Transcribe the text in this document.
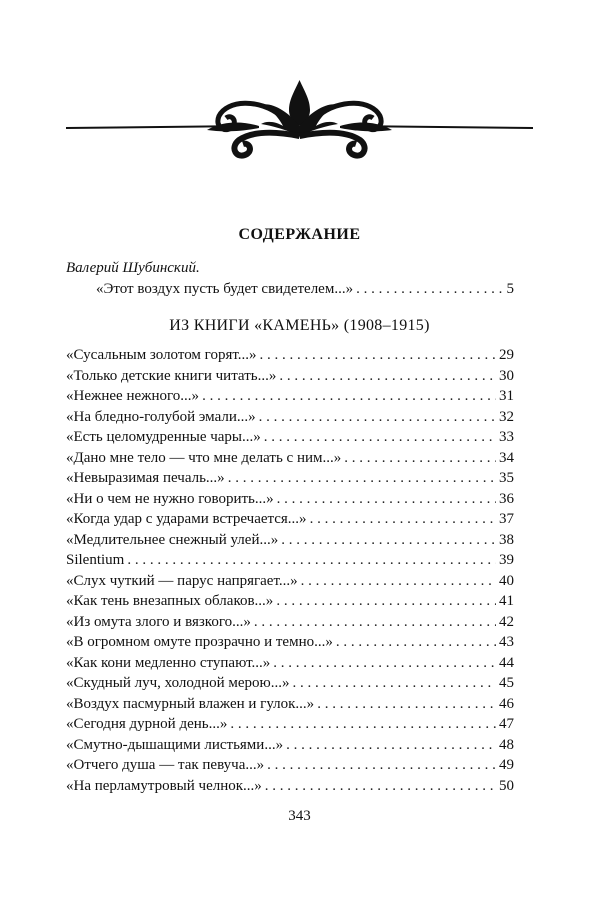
СОДЕРЖАНИЕ
Валерий Шубинский.
«Этот воздух пусть будет свидетелем...» . . .	5
ИЗ КНИГИ «КАМЕНЬ» (1908–1915)
«Сусальным золотом горят...» . . .	29
«Только детские книги читать...» . . .	30
«Нежнее нежного...» . . .	31
«На бледно-голубой эмали...» . . .	32
«Есть целомудренные чары...» . . .	33
«Дано мне тело — что мне делать с ним...» . . .	34
«Невыразимая печаль...» . . .	35
«Ни о чем не нужно говорить...» . . .	36
«Когда удар с ударами встречается...» . . .	37
«Медлительнее снежный улей...» . . .	38
Silentium . . .	39
«Слух чуткий — парус напрягает...» . . .	40
«Как тень внезапных облаков...» . . .	41
«Из омута злого и вязкого...» . . .	42
«В огромном омуте прозрачно и темно...» . . .	43
«Как кони медленно ступают...» . . .	44
«Скудный луч, холодной мерою...» . . .	45
«Воздух пасмурный влажен и гулок...» . . .	46
«Сегодня дурной день...» . . .	47
«Смутно-дышащими листьями...» . . .	48
«Отчего душа — так певуча...» . . .	49
«На перламутровый челнок...» . . .	50
343
